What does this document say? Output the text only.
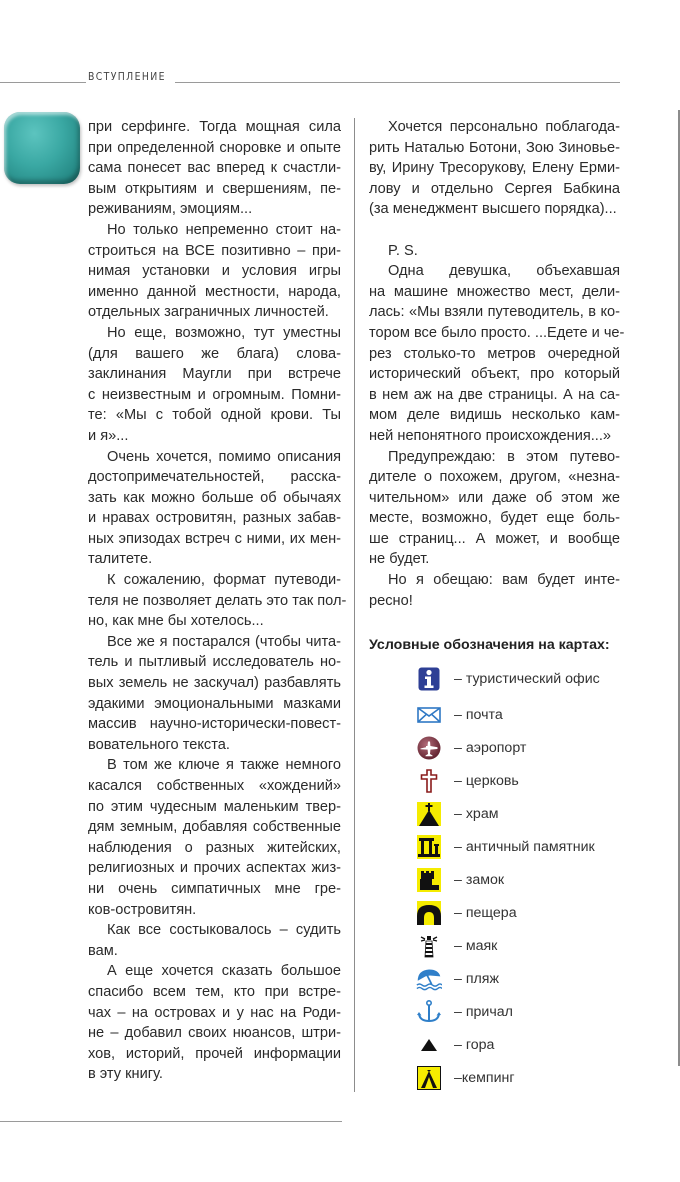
ВСТУПЛЕНИЕ

при серфинге. Тогда мощная сила
при определенной сноровке и опыте
сама понесет вас вперед к счастли-
вым открытиям и свершениям, пе-
реживаниям, эмоциям...

Но только непременно стоит на-
строиться на ВСЕ позитивно – при-
нимая установки и условия игры
именно данной местности, народа,
отдельных заграничных личностей.

Но еще, возможно, тут уместны
(для вашего же блага) слова-
заклинания Маугли при встрече
с неизвестным и огромным. Помни-
те: «Мы с тобой одной крови. Ты
и я»...

Очень хочется, помимо описания
достопримечательностей, расска-
зать как можно больше об обычаях
и нравах островитян, разных забав-
ных эпизодах встреч с ними, их мен-
талитете.

К сожалению, формат путеводи-
теля не позволяет делать это так пол-
но, как мне бы хотелось...

Все же я постарался (чтобы чита-
тель и пытливый исследователь но-
вых земель не заскучал) разбавлять
эдакими эмоциональными мазками
массив научно-исторически-повест-
вовательного текста.

В том же ключе я также немного
касался собственных «хождений»
по этим чудесным маленьким твер-
дям земным, добавляя собственные
наблюдения о разных житейских,
религиозных и прочих аспектах жиз-
ни очень симпатичных мне гре-
ков-островитян.

Как все состыковалось – судить
вам.

А еще хочется сказать большое
спасибо всем тем, кто при встре-
чах – на островах и у нас на Роди-
не – добавил своих нюансов, штри-
хов, историй, прочей информации
в эту книгу.

Хочется персонально поблагода-
рить Наталью Ботони, Зою Зиновье-
ву, Ирину Тресорукову, Елену Ерми-
лову и отдельно Сергея Бабкина
(за менеджмент высшего порядка)...

P. S.

Одна девушка, объехавшая
на машине множество мест, дели-
лась: «Мы взяли путеводитель, в ко-
тором все было просто. ...Едете и че-
рез столько-то метров очередной
исторический объект, про который
в нем аж на две страницы. А на са-
мом деле видишь несколько кам-
ней непонятного происхождения...»

Предупреждаю: в этом путево-
дителе о похожем, другом, «незна-
чительном» или даже об этом же
месте, возможно, будет еще боль-
ше страниц... А может, и вообще
не будет.

Но я обещаю: вам будет инте-
ресно!

Условные обозначения на картах:
– туристический офис
– почта
– аэропорт
– церковь
– храм
– античный памятник
– замок
– пещера
– маяк
– пляж
– причал
– гора
–кемпинг
